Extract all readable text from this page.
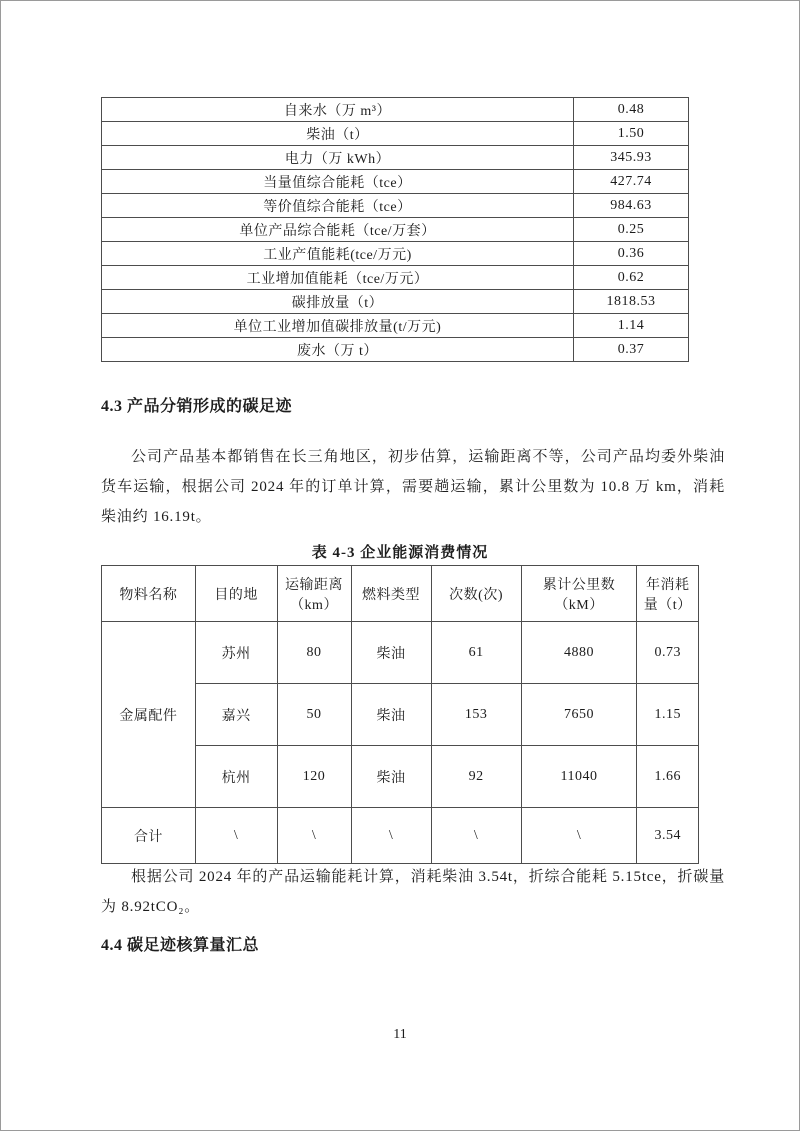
自来水（万 m³）	0.48
柴油（t）	1.50
电力（万 kWh）	345.93
当量值综合能耗（tce）	427.74
等价值综合能耗（tce）	984.63
单位产品综合能耗（tce/万套）	0.25
工业产值能耗(tce/万元)	0.36
工业增加值能耗（tce/万元）	0.62
碳排放量（t）	1818.53
单位工业增加值碳排放量(t/万元)	1.14
废水（万 t）	0.37
4.3 产品分销形成的碳足迹

公司产品基本都销售在长三角地区，初步估算，运输距离不等，公司产品均委外柴油货车运输，根据公司 2024 年的订单计算，需要趟运输，累计公里数为 10.8 万 km，消耗柴油约 16.19t。

表 4-3 企业能源消费情况
物料名称	目的地	运输距离（km）	燃料类型	次数(次)	累计公里数（kM）	年消耗量（t）
金属配件	苏州	80	柴油	61	4880	0.73
	嘉兴	50	柴油	153	7650	1.15
	杭州	120	柴油	92	11040	1.66
合计	\	\	\	\	\	3.54

根据公司 2024 年的产品运输能耗计算，消耗柴油 3.54t，折综合能耗 5.15tce，折碳量为 8.92tCO₂。

4.4 碳足迹核算量汇总
11
